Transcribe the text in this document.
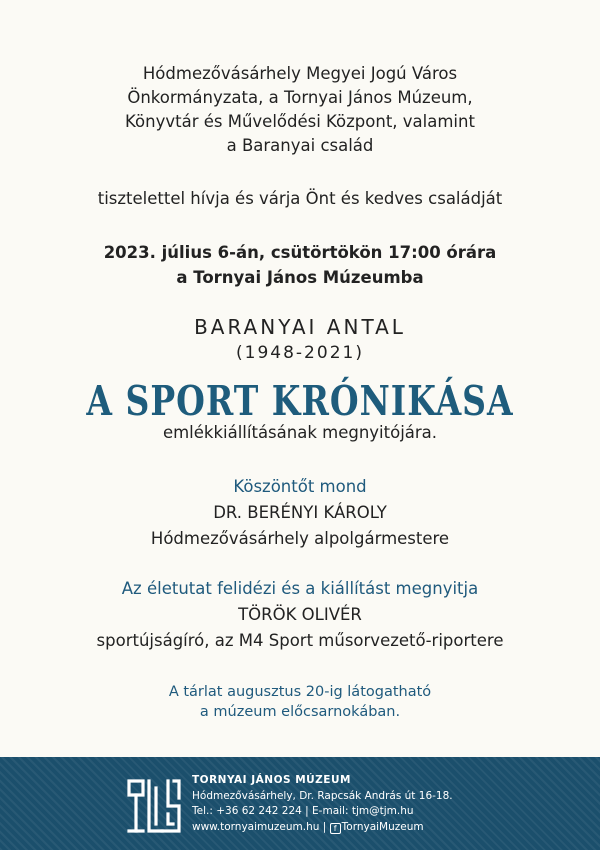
Hódmezővásárhely Megyei Jogú Város
Önkormányzata, a Tornyai János Múzeum,
Könyvtár és Művelődési Központ, valamint
a Baranyai család
tisztelettel hívja és várja Önt és kedves családját
2023. július 6-án, csütörtökön 17:00 órára
a Tornyai János Múzeumba
BARANYAI ANTAL
(1948-2021)
A SPORT KRÓNIKÁSA
emlékkiállításának megnyitójára.
Köszöntőt mond
DR. BERÉNYI KÁROLY
Hódmezővásárhely alpolgármestere
Az életutat felidézi és a kiállítást megnyitja
TÖRÖK OLIVÉR
sportújságíró, az M4 Sport műsorvezető-riportere
A tárlat augusztus 20-ig látogatható
a múzeum előcsarnokában.
TORNYAI JÁNOS MÚZEUM
Hódmezővásárhely, Dr. Rapcsák András út 16-18.
Tel.: +36 62 242 224 | E-mail: tjm@tjm.hu
www.tornyaimuzeum.hu | f TornyaiMuzeum
